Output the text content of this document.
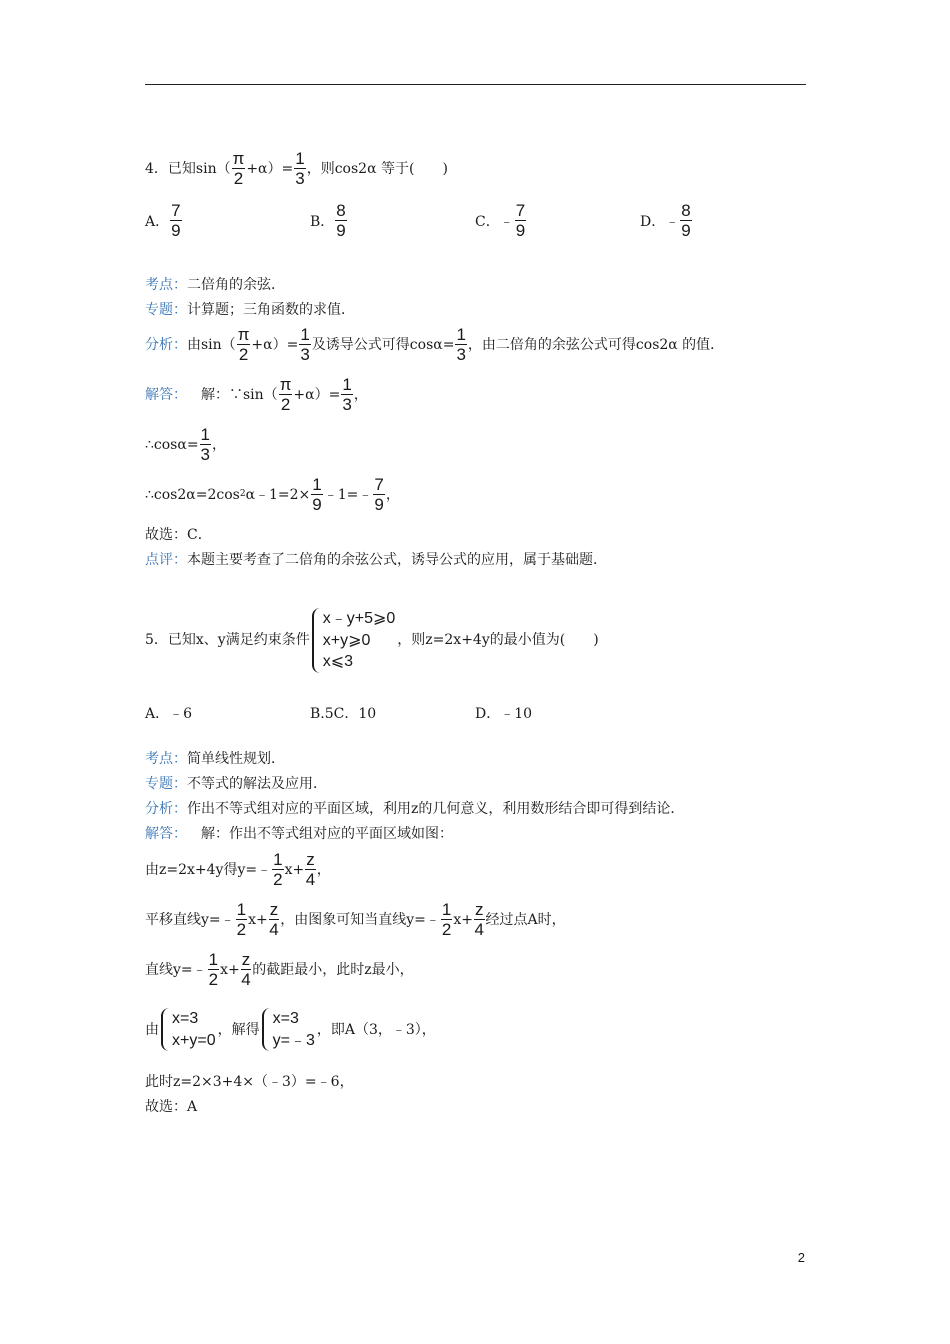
4．已知$\sin( \frac{\pi}{2} +\alpha)= \frac{1}{3}$ ，则cos2α 等于(　　)
A． $\frac{7}{9}$	B． $\frac{8}{9}$	C． ﹣ $\frac{7}{9}$	D． ﹣ $\frac{8}{9}$
考点： 二倍角的余弦．
专题： 计算题；三角函数的求值．
分析： 由$\sin( \frac{\pi}{2} +\alpha)= \frac{1}{3}$ 及诱导公式可得$\cos\alpha= \frac{1}{3}$ ，由二倍角的余弦公式可得cos2α 的值．
解答： 解：∵sin（ $\frac{\pi}{2} +\alpha)= \frac{1}{3}$ ，
∴cosα= $\frac{1}{3}$ ，
∴cos2α=2cos 2 α﹣1=2× $\frac{1}{9}$ ﹣1=﹣ $\frac{7}{9}$ ，
故选：C．
点评： 本题主要考查了二倍角的余弦公式，诱导公式的应用，属于基础题．
5．已知x、y满足约束条件
x﹣y+5⩾0
x+y⩾0
x⩽3
，则z=2x+4y的最小值为(　　)
A．﹣6	B.5C．10	D．﹣10
考点： 简单线性规划．
专题： 不等式的解法及应用．
分析： 作出不等式组对应的平面区域，利用z的几何意义，利用数形结合即可得到结论．
解答： 解：作出不等式组对应的平面区域如图：
由z=2x+4y得y=﹣ $\frac{1}{2} x+ \frac{z}{4}$ ，
平移直线y=﹣ $\frac{1}{2} x+ \frac{z}{4}$ ，由图象可知当直线y=﹣ $\frac{1}{2} x+ \frac{z}{4}$ 经过点A时，
直线y=﹣ $\frac{1}{2} x+ \frac{z}{4}$ 的截距最小，此时z最小，
由
x=3
x+y=0
，解得
x=3
y=﹣3
，即A（3，﹣3），
此时z=2×3+4×（﹣3）=﹣6，
故选：A
2
